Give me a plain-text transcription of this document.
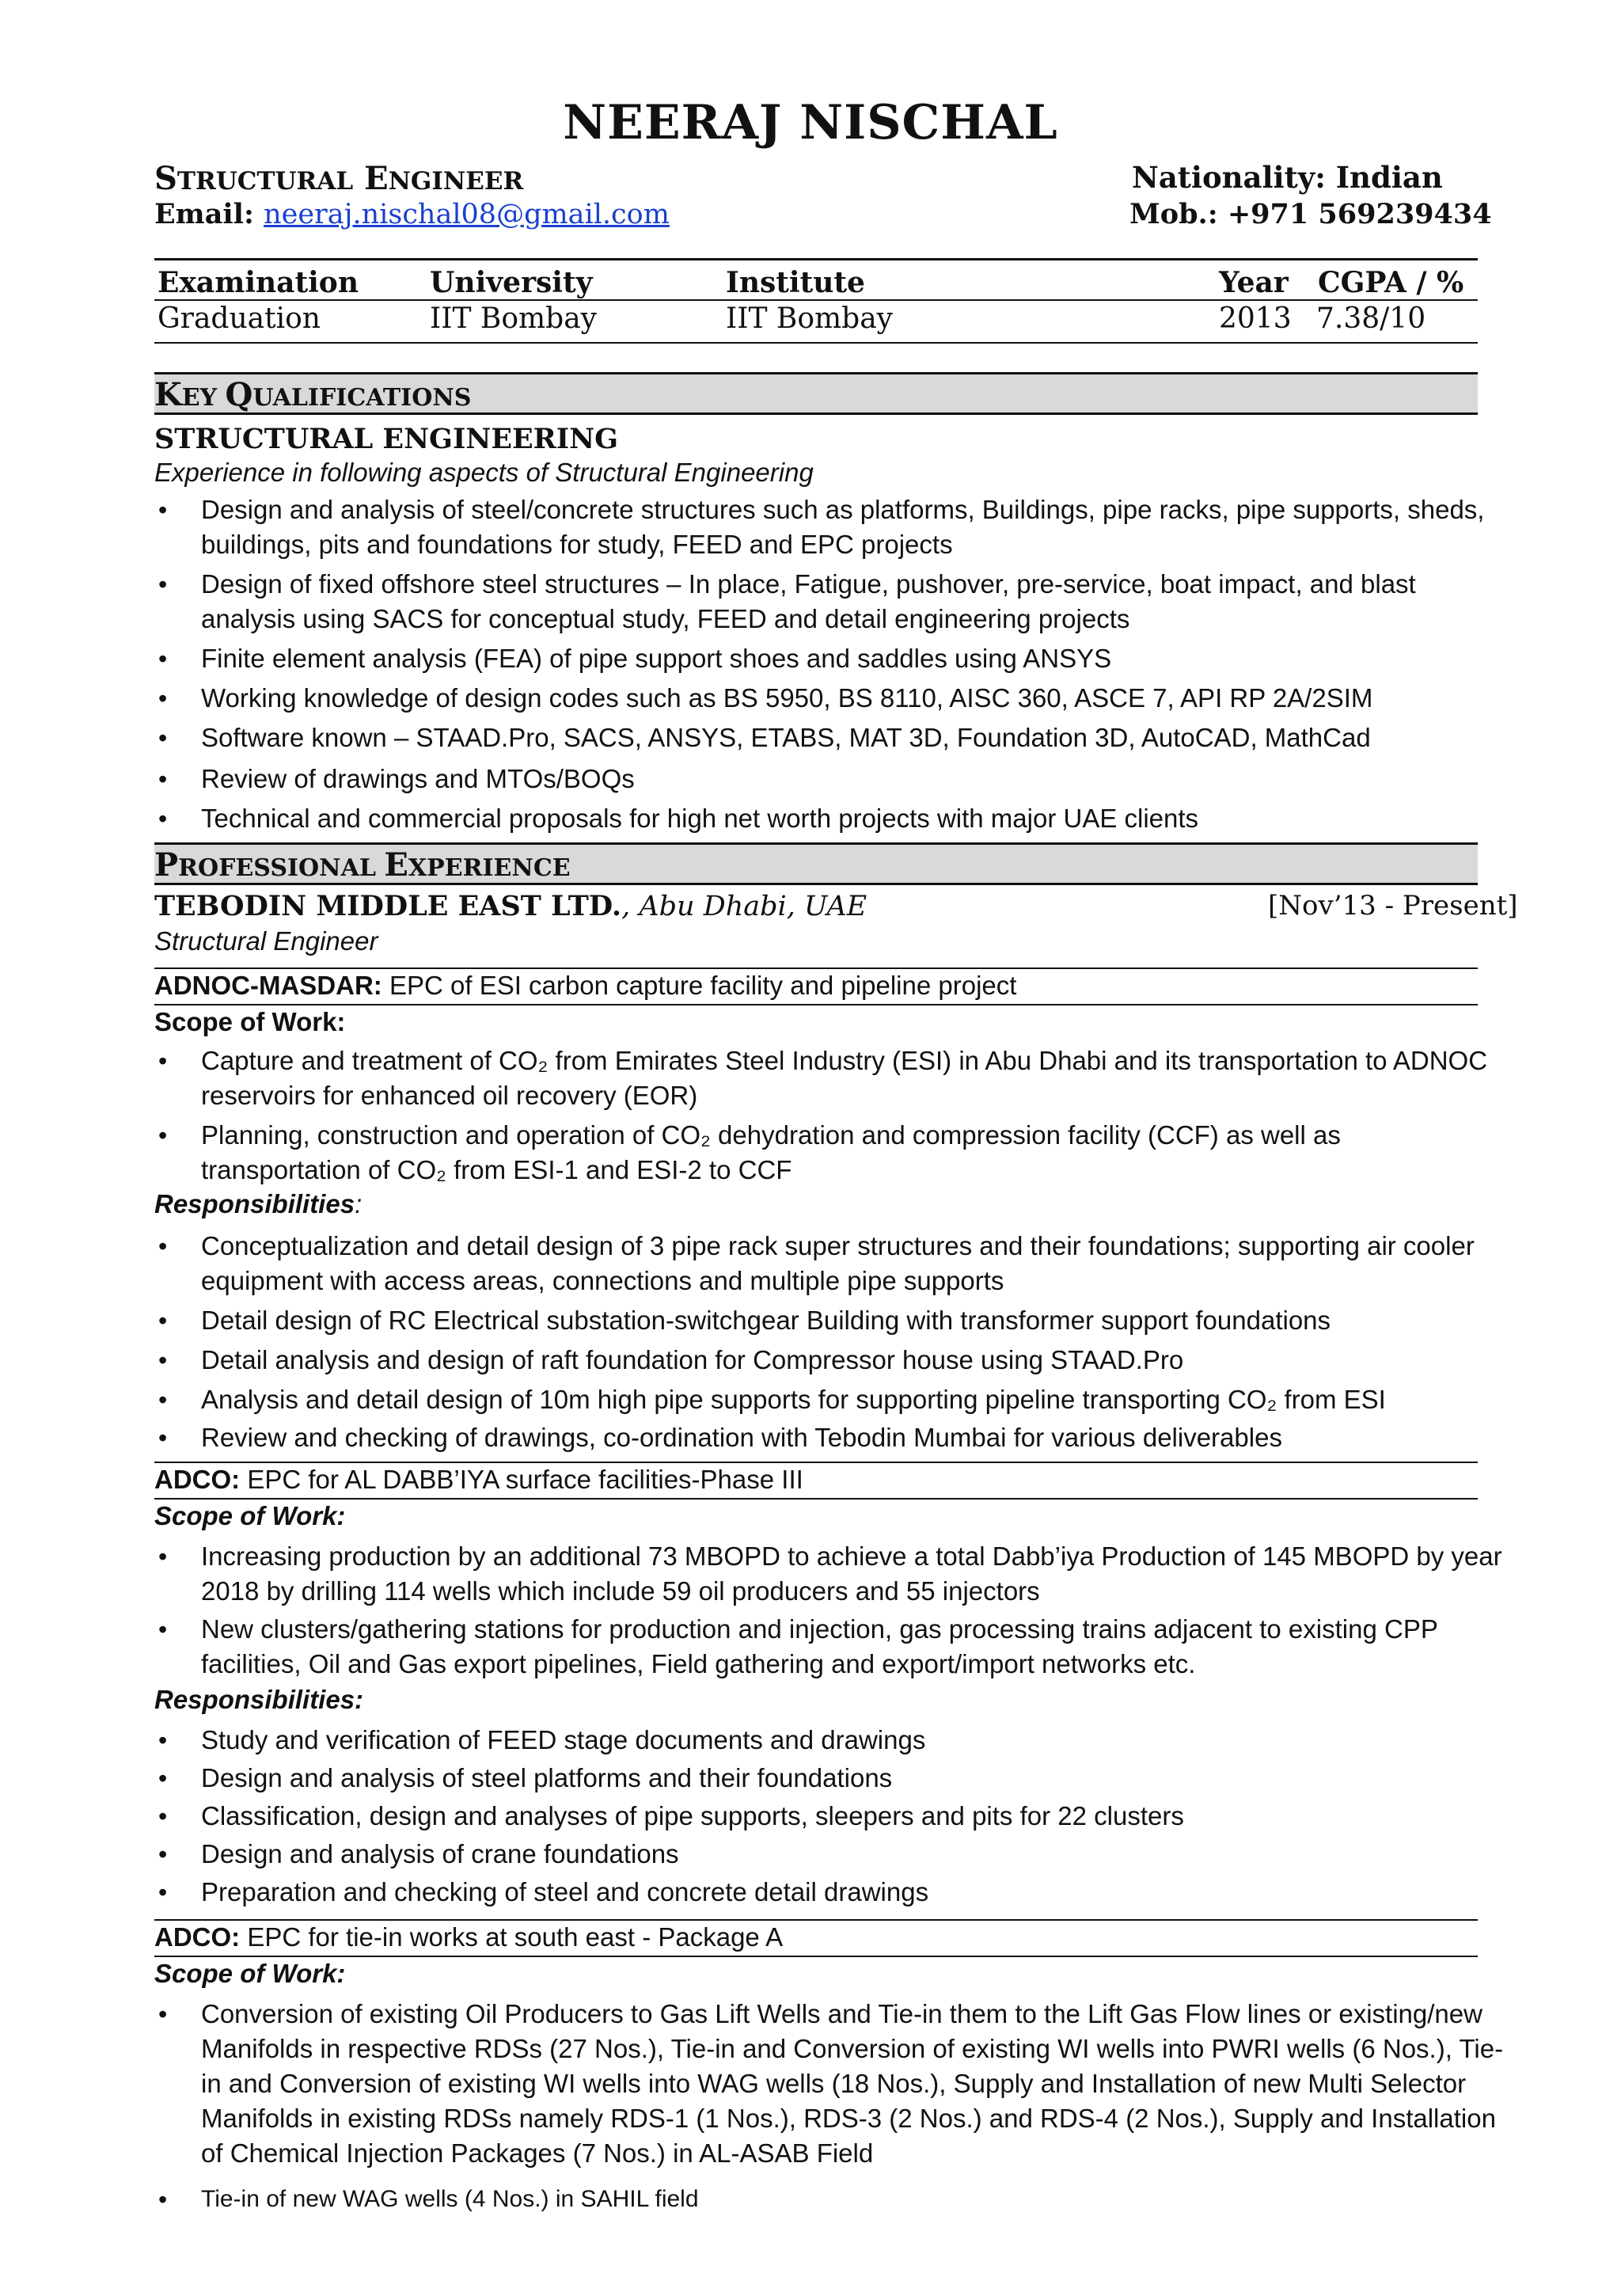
NEERAJ NISCHAL
STRUCTURAL ENGINEER	Nationality: Indian
Email: neeraj.nischal08@gmail.com	Mob.: +971 569239434
Examination	University	Institute	Year CGPA / %
Graduation	IIT Bombay	IIT Bombay	2013 7.38/10
KEY QUALIFICATIONS
STRUCTURAL ENGINEERING
Experience in following aspects of Structural Engineering
• Design and analysis of steel/concrete structures such as platforms, Buildings, pipe racks, pipe supports, sheds, buildings, pits and foundations for study, FEED and EPC projects
• Design of fixed offshore steel structures – In place, Fatigue, pushover, pre-service, boat impact, and blast analysis using SACS for conceptual study, FEED and detail engineering projects
• Finite element analysis (FEA) of pipe support shoes and saddles using ANSYS
• Working knowledge of design codes such as BS 5950, BS 8110, AISC 360, ASCE 7, API RP 2A/2SIM
• Software known – STAAD.Pro, SACS, ANSYS, ETABS, MAT 3D, Foundation 3D, AutoCAD, MathCad
• Review of drawings and MTOs/BOQs
• Technical and commercial proposals for high net worth projects with major UAE clients
PROFESSIONAL EXPERIENCE
TEBODIN MIDDLE EAST LTD., Abu Dhabi, UAE	[Nov’13 - Present]
Structural Engineer
ADNOC-MASDAR: EPC of ESI carbon capture facility and pipeline project
Scope of Work:
• Capture and treatment of CO₂ from Emirates Steel Industry (ESI) in Abu Dhabi and its transportation to ADNOC reservoirs for enhanced oil recovery (EOR)
• Planning, construction and operation of CO₂ dehydration and compression facility (CCF) as well as transportation of CO₂ from ESI-1 and ESI-2 to CCF
Responsibilities:
• Conceptualization and detail design of 3 pipe rack super structures and their foundations; supporting air cooler equipment with access areas, connections and multiple pipe supports
• Detail design of RC Electrical substation-switchgear Building with transformer support foundations
• Detail analysis and design of raft foundation for Compressor house using STAAD.Pro
• Analysis and detail design of 10m high pipe supports for supporting pipeline transporting CO₂ from ESI
• Review and checking of drawings, co-ordination with Tebodin Mumbai for various deliverables
ADCO: EPC for AL DABB’IYA surface facilities-Phase III
Scope of Work:
• Increasing production by an additional 73 MBOPD to achieve a total Dabb’iya Production of 145 MBOPD by year 2018 by drilling 114 wells which include 59 oil producers and 55 injectors
• New clusters/gathering stations for production and injection, gas processing trains adjacent to existing CPP facilities, Oil and Gas export pipelines, Field gathering and export/import networks etc.
Responsibilities:
• Study and verification of FEED stage documents and drawings
• Design and analysis of steel platforms and their foundations
• Classification, design and analyses of pipe supports, sleepers and pits for 22 clusters
• Design and analysis of crane foundations
• Preparation and checking of steel and concrete detail drawings
ADCO: EPC for tie-in works at south east - Package A
Scope of Work:
• Conversion of existing Oil Producers to Gas Lift Wells and Tie-in them to the Lift Gas Flow lines or existing/new Manifolds in respective RDSs (27 Nos.), Tie-in and Conversion of existing WI wells into PWRI wells (6 Nos.), Tie-in and Conversion of existing WI wells into WAG wells (18 Nos.), Supply and Installation of new Multi Selector Manifolds in existing RDSs namely RDS-1 (1 Nos.), RDS-3 (2 Nos.) and RDS-4 (2 Nos.), Supply and Installation of Chemical Injection Packages (7 Nos.) in AL-ASAB Field
• Tie-in of new WAG wells (4 Nos.) in SAHIL field
